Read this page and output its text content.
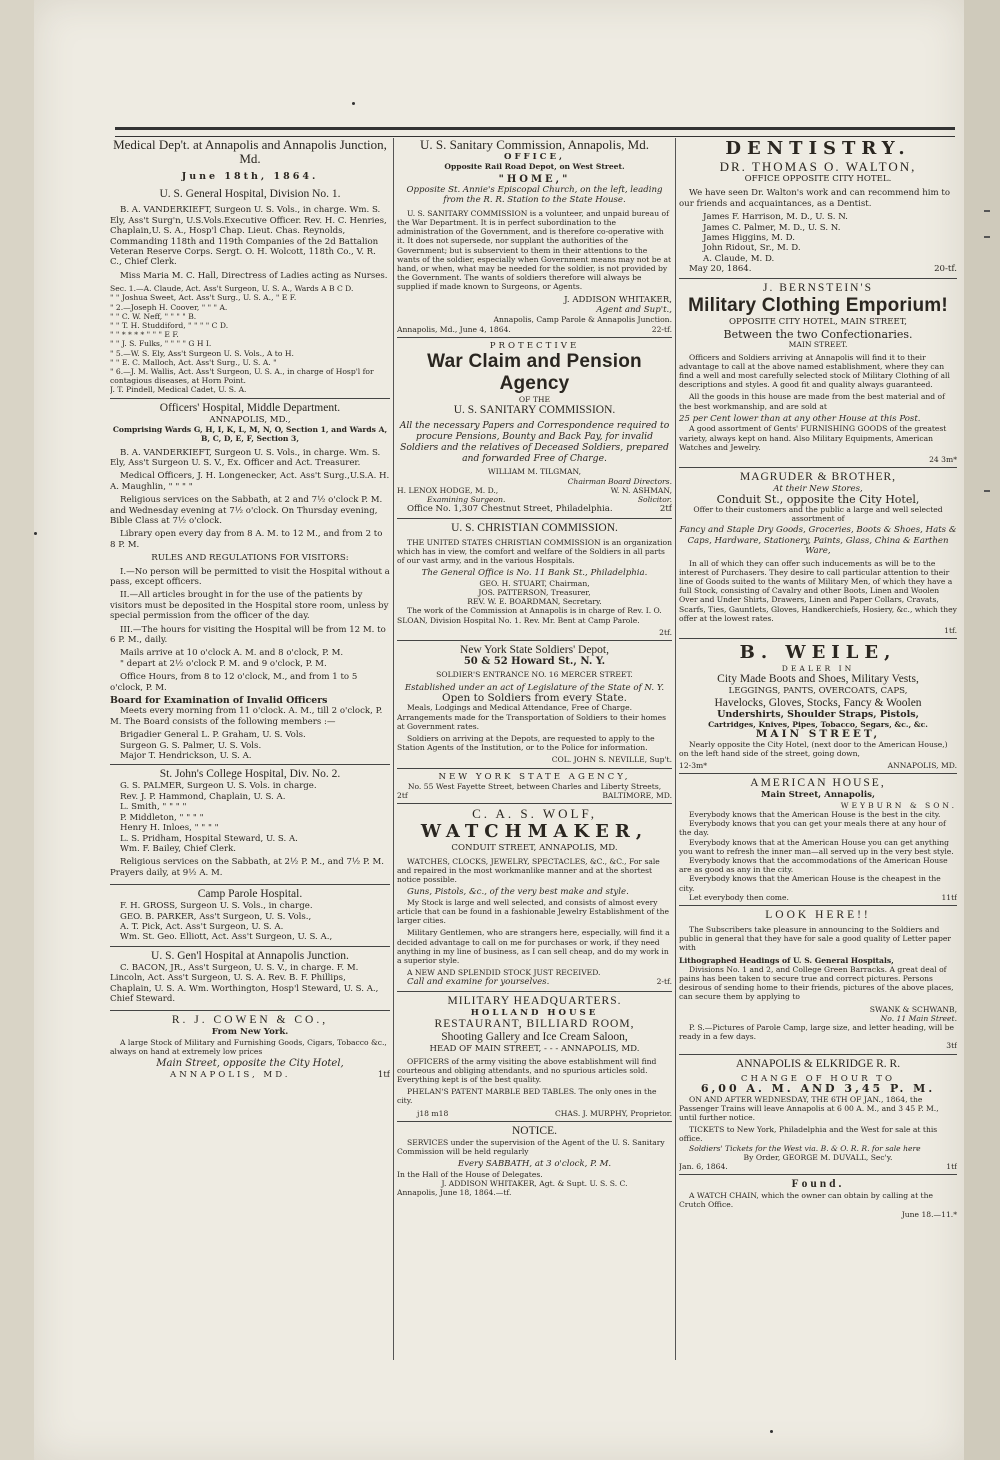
Medical Dep't. at Annapolis and Annapolis Junction, Md.
June 18th, 1864.
U. S. General Hospital, Division No. 1.

B. A. VANDERKIEFT, Surgeon U. S. Vols., in charge. Wm. S. Ely, Ass't Surg'n, U.S.Vols.Executive Officer. Rev. H. C. Henries, Chaplain,U. S. A., Hosp'l Chap. Lieut. Chas. Reynolds, Commanding 118th and 119th Companies of the 2d Battalion Veteran Reserve Corps. Sergt. O. H. Wolcott, 118th Co., V. R. C., Chief Clerk.

Miss Maria M. C. Hall, Directress of Ladies acting as Nurses.

Sec. 1.—A. Claude, Act. Ass't Surgeon, U. S. A., Wards A B C D.
" " Joshua Sweet, Act. Ass't Surg., U. S. A., " E F.
" 2.—Joseph H. Coover, " " " A.
" " C. W. Neff, " " " " B.
" " T. H. Studdiford, " " " " C D.
" " * * * * " " " E F.
" " J. S. Fulks, " " " " G H I.
" 5.—W. S. Ely, Ass't Surgeon U. S. Vols., A to H.
" " E. C. Malloch, Act. Ass't Surg., U. S. A. "
" 6.—J. M. Wallis, Act. Ass't Surgeon, U. S. A., in charge of Hosp'l for contagious diseases, at Horn Point.
J. T. Pindell, Medical Cadet, U. S. A.
Officers' Hospital, Middle Department.
ANNAPOLIS, MD.,
Comprising Wards G, H, I, K, L, M, N, O, Section 1, and Wards A, B, C, D, E, F, Section 3,

B. A. VANDERKIEFT, Surgeon U. S. Vols., in charge. Wm. S. Ely, Ass't Surgeon U. S. V., Ex. Officer and Act. Treasurer.

Medical Officers, J. H. Longenecker, Act. Ass't Surg.,U.S.A. H. A. Maughlin, " " " "

Religious services on the Sabbath, at 2 and 7½ o'clock P. M. and Wednesday evening at 7½ o'clock. On Thursday evening, Bible Class at 7½ o'clock.

Library open every day from 8 A. M. to 12 M., and from 2 to 8 P. M.

RULES AND REGULATIONS FOR VISITORS:

I.—No person will be permitted to visit the Hospital without a pass, except officers.

II.—All articles brought in for the use of the patients by visitors must be deposited in the Hospital store room, unless by special permission from the officer of the day.

III.—The hours for visiting the Hospital will be from 12 M. to 6 P. M., daily.

Mails arrive at 10 o'clock A. M. and 8 o'clock, P. M.

" depart at 2½ o'clock P. M. and 9 o'clock, P. M.

Office Hours, from 8 to 12 o'clock, M., and from 1 to 5 o'clock, P. M.

Board for Examination of Invalid Officers

Meets every morning from 11 o'clock. A. M., till 2 o'clock, P. M. The Board consists of the following members :—

Brigadier General L. P. Graham, U. S. Vols.
Surgeon G. S. Palmer, U. S. Vols.
Major T. Hendrickson, U. S. A.
St. John's College Hospital, Div. No. 2.
G. S. PALMER, Surgeon U. S. Vols. in charge.
Rev. J. P. Hammond, Chaplain, U. S. A.
L. Smith, " " " "
P. Middleton, " " " "
Henry H. Inloes, " " " "
L. S. Pridham, Hospital Steward, U. S. A.
Wm. F. Bailey, Chief Clerk.

Religious services on the Sabbath, at 2½ P. M., and 7½ P. M. Prayers daily, at 9½ A. M.

Camp Parole Hospital.
F. H. GROSS, Surgeon U. S. Vols., in charge.
GEO. B. PARKER, Ass't Surgeon, U. S. Vols.,
A. T. Pick, Act. Ass't Surgeon, U. S. A.
Wm. St. Geo. Elliott, Act. Ass't Surgeon, U. S. A.,
U. S. Gen'l Hospital at Annapolis Junction.

C. BACON, JR., Ass't Surgeon, U. S. V., in charge. F. M. Lincoln, Act. Ass't Surgeon, U. S. A. Rev. B. F. Phillips, Chaplain, U. S. A. Wm. Worthington, Hosp'l Steward, U. S. A., Chief Steward.

R. J. COWEN & CO.,
From New York.

A large Stock of Military and Furnishing Goods, Cigars, Tobacco &c., always on hand at extremely low prices

Main Street, opposite the City Hotel,
ANNAPOLIS, MD.	1tf
U. S. Sanitary Commission, Annapolis, Md.
OFFICE,
Opposite Rail Road Depot, on West Street.
"HOME,"
Opposite St. Annie's Episcopal Church, on the left, leading from the R. R. Station to the State House.

U. S. SANITARY COMMISSION is a volunteer, and unpaid bureau of the War Department. It is in perfect subordination to the administration of the Government, and is therefore co-operative with it. It does not supersede, nor supplant the authorities of the Government; but is subservient to them in their attentions to the wants of the soldier, especially when Government means may not be at hand, or when, what may be needed for the soldier, is not provided by the Government. The wants of soldiers therefore will always be supplied if made known to Surgeons, or Agents.

J. ADDISON WHITAKER,
Agent and Sup't.,
Annapolis, Camp Parole & Annapolis Junction.
Annapolis, Md., June 4, 1864.	22-tf.
PROTECTIVE
War Claim and Pension Agency
OF THE
U. S. SANITARY COMMISSION.

All the necessary Papers and Correspondence required to procure Pensions, Bounty and Back Pay, for invalid Soldiers and the relatives of Deceased Soldiers, prepared and forwarded Free of Charge.

WILLIAM M. TILGMAN,
Chairman Board Directors.
H. LENOX HODGE, M. D.,	W. N. ASHMAN,
Examining Surgeon.	Solicitor.
Office No. 1,307 Chestnut Street, Philadelphia.	2tf
U. S. CHRISTIAN COMMISSION.

THE UNITED STATES CHRISTIAN COMMISSION is an organization which has in view, the comfort and welfare of the Soldiers in all parts of our vast army, and in the various Hospitals.

The General Office is No. 11 Bank St., Philadelphia.
GEO. H. STUART, Chairman,
JOS. PATTERSON, Treasurer,
REV. W. E. BOARDMAN, Secretary.

The work of the Commission at Annapolis is in charge of Rev. I. O. SLOAN, Division Hospital No. 1. Rev. Mr. Bent at Camp Parole.

2tf.
New York State Soldiers' Depot,
50 & 52 Howard St., N. Y.
SOLDIER'S ENTRANCE NO. 16 MERCER STREET.
Established under an act of Legislature of the State of N. Y.
Open to Soldiers from every State.

Meals, Lodgings and Medical Attendance, Free of Charge. Arrangements made for the Transportation of Soldiers to their homes at Government rates.

Soldiers on arriving at the Depots, are requested to apply to the Station Agents of the Institution, or to the Police for information.

COL. JOHN S. NEVILLE, Sup't.
NEW YORK STATE AGENCY,
No. 55 West Fayette Street, between Charles and Liberty Streets,
2tf	BALTIMORE, MD.
C. A. S. WOLF,
WATCHMAKER,
CONDUIT STREET, ANNAPOLIS, MD.

WATCHES, CLOCKS, JEWELRY, SPECTACLES, &C., &C., For sale and repaired in the most workmanlike manner and at the shortest notice possible.

Guns, Pistols, &c., of the very best make and style.

My Stock is large and well selected, and consists of almost every article that can be found in a fashionable Jewelry Establishment of the larger cities.

Military Gentlemen, who are strangers here, especially, will find it a decided advantage to call on me for purchases or work, if they need anything in my line of business, as I can sell cheap, and do my work in a superior style.

A NEW AND SPLENDID STOCK JUST RECEIVED.
Call and examine for yourselves.	2-tf.
MILITARY HEADQUARTERS.
HOLLAND HOUSE
RESTAURANT, BILLIARD ROOM,
Shooting Gallery and Ice Cream Saloon,
HEAD OF MAIN STREET, - - - ANNAPOLIS, MD.

OFFICERS of the army visiting the above establishment will find courteous and obliging attendants, and no spurious articles sold. Everything kept is of the best quality.

PHELAN'S PATENT MARBLE BED TABLES. The only ones in the city.

j18 m18	CHAS. J. MURPHY, Proprietor.
NOTICE.

SERVICES under the supervision of the Agent of the U. S. Sanitary Commission will be held regularly

Every SABBATH, at 3 o'clock, P. M.
In the Hall of the House of Delegates.
J. ADDISON WHITAKER, Agt. & Supt. U. S. S. C.
Annapolis, June 18, 1864.—tf.
DENTISTRY.
DR. THOMAS O. WALTON,
OFFICE OPPOSITE CITY HOTEL.

We have seen Dr. Walton's work and can recommend him to our friends and acquaintances, as a Dentist.

James F. Harrison, M. D., U. S. N.
James C. Palmer, M. D., U. S. N.
James Higgins, M. D.
John Ridout, Sr., M. D.
A. Claude, M. D.
May 20, 1864.	20-tf.
J. BERNSTEIN'S
Military Clothing Emporium!
OPPOSITE CITY HOTEL, MAIN STREET,
Between the two Confectionaries.
MAIN STREET.

Officers and Soldiers arriving at Annapolis will find it to their advantage to call at the above named establishment, where they can find a well and most carefully selected stock of Military Clothing of all descriptions and styles. A good fit and quality always guaranteed.

All the goods in this house are made from the best material and of the best workmanship, and are sold at

25 per Cent lower than at any other House at this Post.

A good assortment of Gents' FURNISHING GOODS of the greatest variety, always kept on hand. Also Military Equipments, American Watches and Jewelry.

24 3m*
MAGRUDER & BROTHER,
At their New Stores,
Conduit St., opposite the City Hotel,
Offer to their customers and the public a large and well selected assortment of
Fancy and Staple Dry Goods, Groceries, Boots & Shoes, Hats & Caps, Hardware, Stationery, Paints, Glass, China & Earthen Ware,

In all of which they can offer such inducements as will be to the interest of Purchasers. They desire to call particular attention to their line of Goods suited to the wants of Military Men, of which they have a full Stock, consisting of Cavalry and other Boots, Linen and Woolen Over and Under Shirts, Drawers, Linen and Paper Collars, Cravats, Scarfs, Ties, Gauntlets, Gloves, Handkerchiefs, Hosiery, &c., which they offer at the lowest rates.

1tf.
B. WEILE,
DEALER IN
City Made Boots and Shoes, Military Vests,
LEGGINGS, PANTS, OVERCOATS, CAPS,
Havelocks, Gloves, Stocks, Fancy & Woolen
Undershirts, Shoulder Straps, Pistols,
Cartridges, Knives, Pipes, Tobacco, Segars, &c., &c.
MAIN STREET,

Nearly opposite the City Hotel, (next door to the American House,) on the left hand side of the street, going down,

12-3m*	ANNAPOLIS, MD.
AMERICAN HOUSE,
Main Street, Annapolis,
WEYBURN & SON.
Everybody knows that the American House is the best in the city.
Everybody knows that you can get your meals there at any hour of the day.
Everybody knows that at the American House you can get anything you want to refresh the inner man—all served up in the very best style.
Everybody knows that the accommodations of the American House are as good as any in the city.
Everybody knows that the American House is the cheapest in the city.
Let everybody then come.	11tf
LOOK HERE!!

The Subscribers take pleasure in announcing to the Soldiers and public in general that they have for sale a good quality of Letter paper with

Lithographed Headings of U. S. General Hospitals,

Divisions No. 1 and 2, and College Green Barracks. A great deal of pains has been taken to secure true and correct pictures. Persons desirous of sending home to their friends, pictures of the above places, can secure them by applying to

SWANK & SCHWANB,
No. 11 Main Street.
P. S.—Pictures of Parole Camp, large size, and letter heading, will be ready in a few days.
3tf
ANNAPOLIS & ELKRIDGE R. R.
CHANGE OF HOUR TO
6,00 A. M. AND 3,45 P. M.

ON AND AFTER WEDNESDAY, THE 6TH OF JAN., 1864, the Passenger Trains will leave Annapolis at 6 00 A. M., and 3 45 P. M., until further notice.

TICKETS to New York, Philadelphia and the West for sale at this office.
Soldiers' Tickets for the West via. B. & O. R. R. for sale here
By Order, GEORGE M. DUVALL, Sec'y.
Jan. 6, 1864.	1tf
Found.
A WATCH CHAIN, which the owner can obtain by calling at the Crutch Office.
June 18.—11.*
